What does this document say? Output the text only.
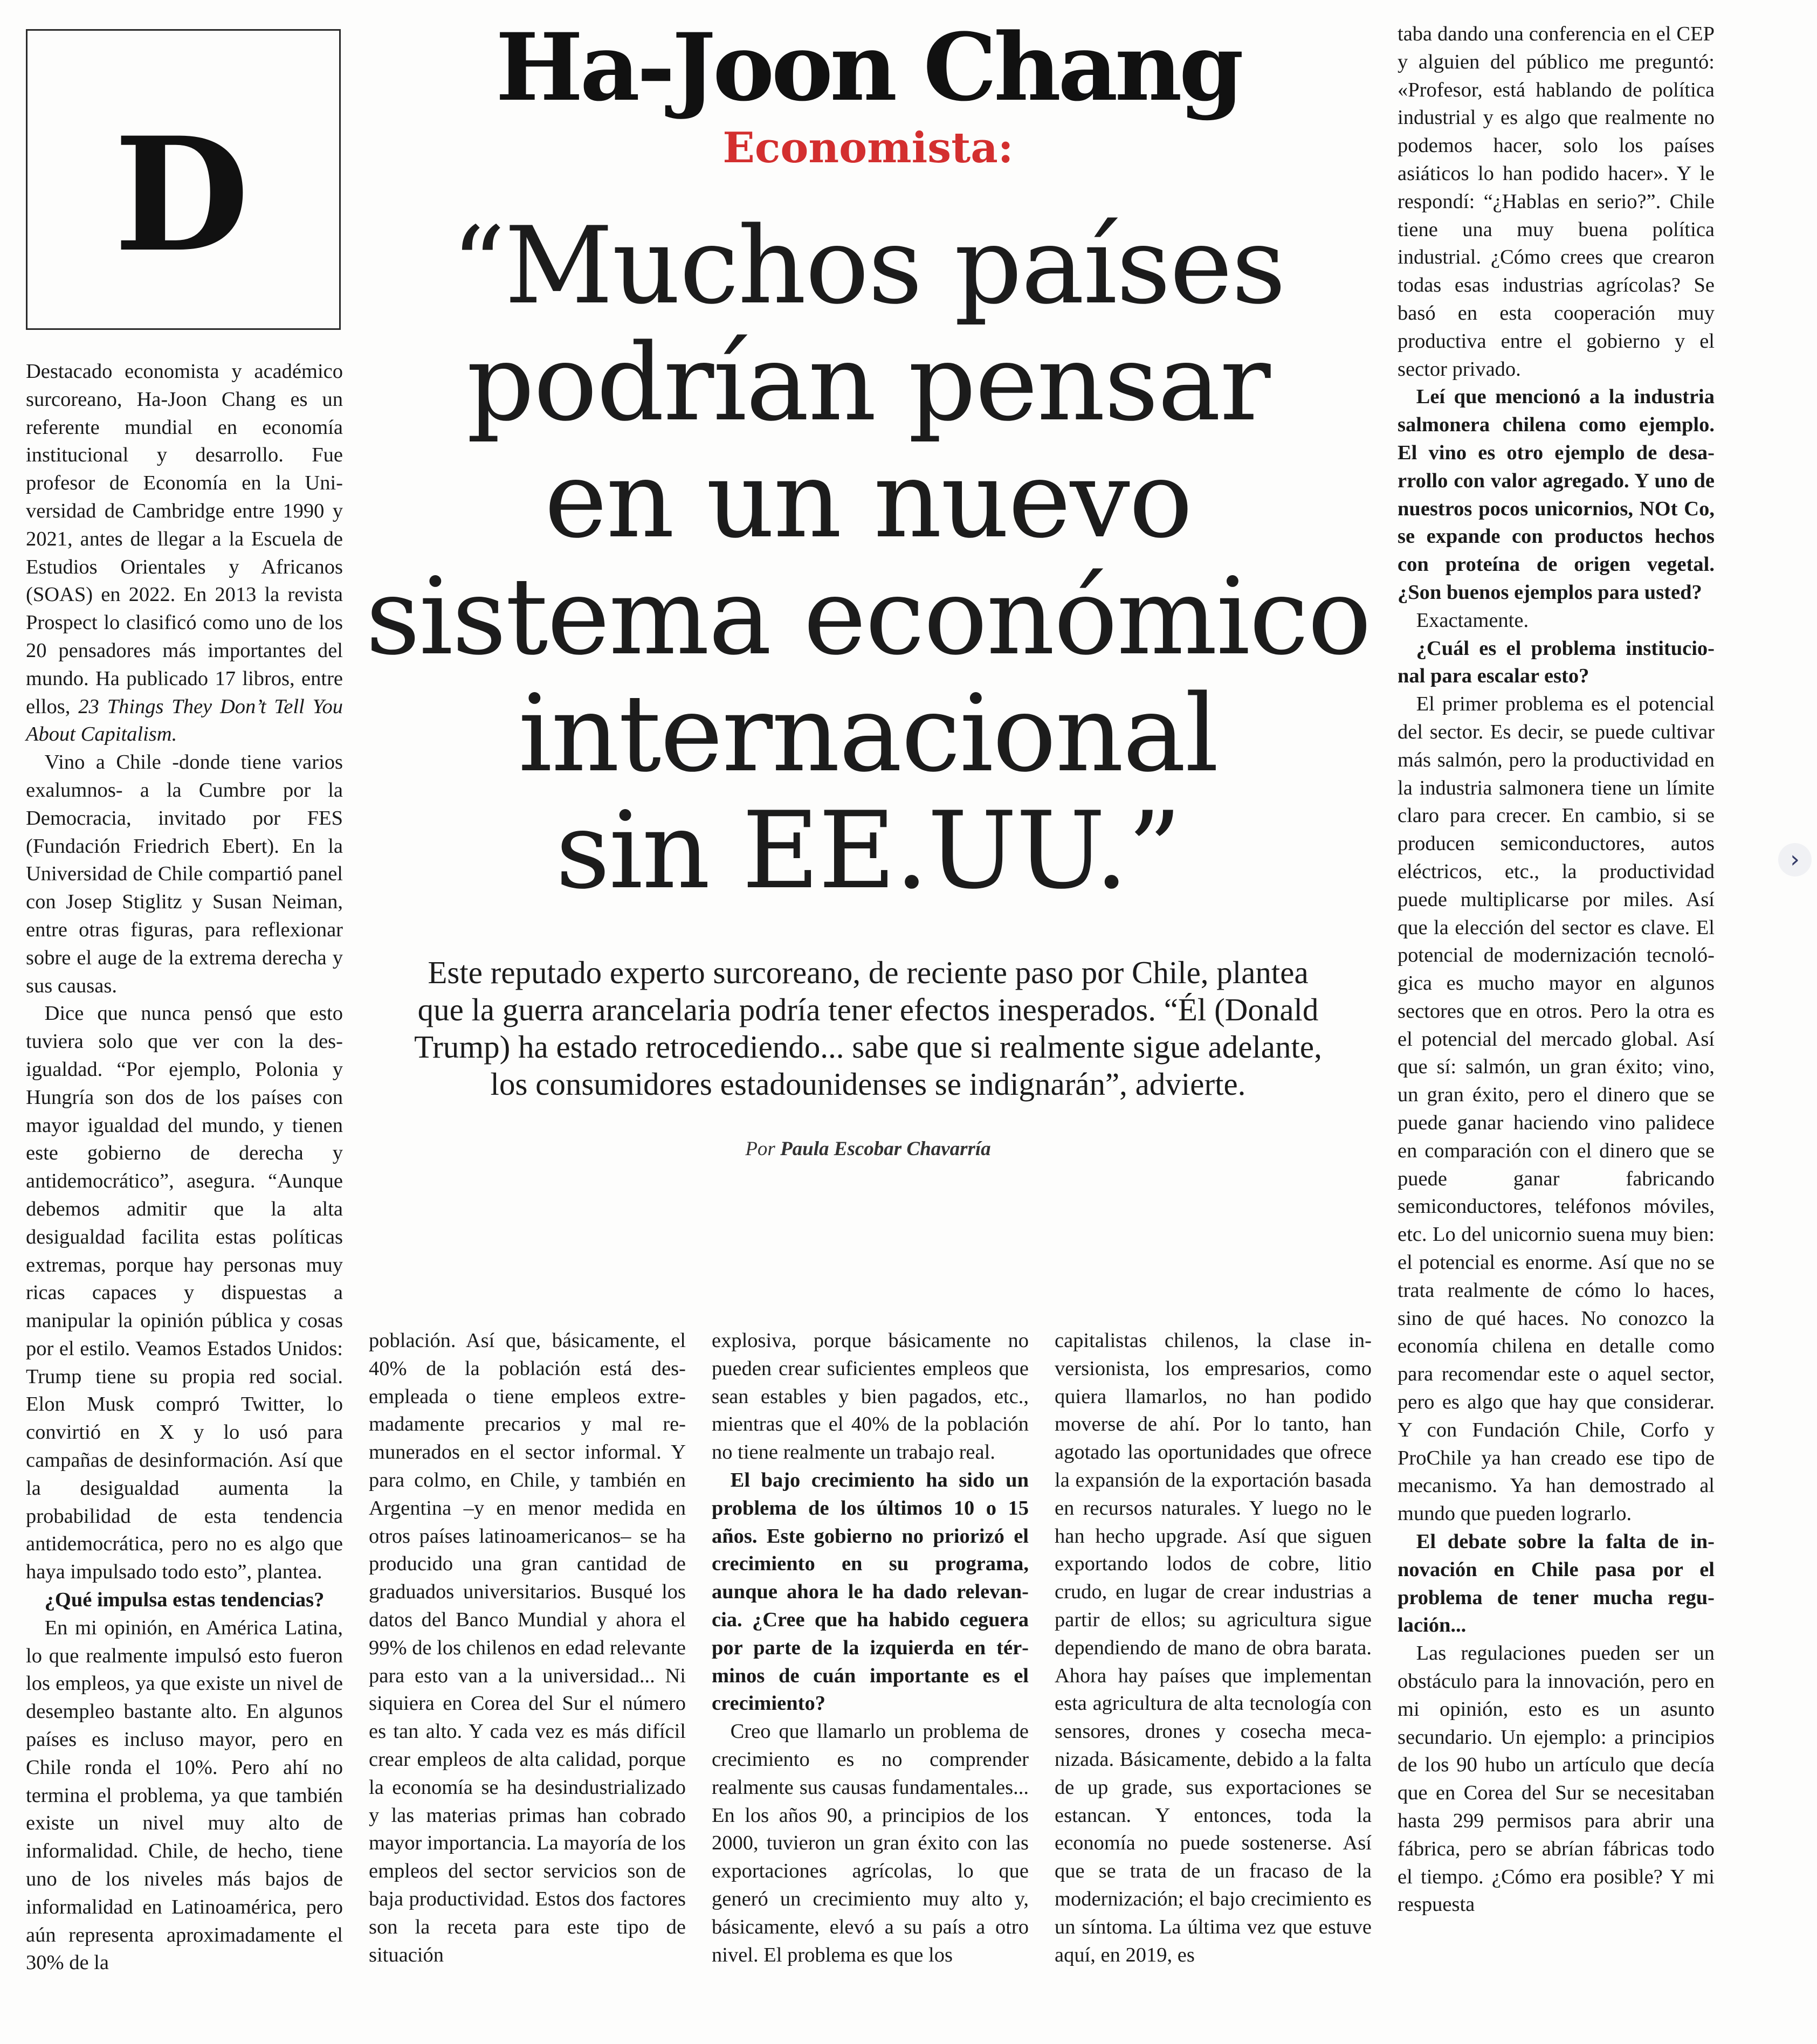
D
Ha-Joon Chang
Economista:
“Muchos países
podrían pensar
en un nuevo
sistema económico
internacional
sin EE.UU.”
Este reputado experto surcoreano, de reciente paso por Chile, plantea
que la guerra arancelaria podría tener efectos inesperados. “Él (Donald
Trump) ha estado retrocediendo... sabe que si realmente sigue adelante,
los consumidores estadounidenses se indignarán”, advierte.
Por Paula Escobar Chavarría

Destacado economista y académico surcoreano, Ha-Joon Chang es un referente mundial en economía institucional y desarrollo. Fue profesor de Economía en la Universidad de Cambridge entre 1990 y 2021, antes de llegar a la Escuela de Estudios Orientales y Africanos (SOAS) en 2022. En 2013 la revista Prospect lo clasificó como uno de los 20 pensadores más importantes del mundo. Ha publicado 17 libros, entre ellos, 23 Things They Don’t Tell You About Capitalism.

Vino a Chile -donde tiene varios exalumnos- a la Cumbre por la Democracia, invitado por FES (Fundación Friedrich Ebert). En la Universidad de Chile compartió panel con Josep Stiglitz y Susan Neiman, entre otras figuras, para reflexionar sobre el auge de la extrema derecha y sus causas.

Dice que nunca pensó que esto tuviera solo que ver con la desigualdad. “Por ejemplo, Polonia y Hungría son dos de los países con mayor igualdad del mundo, y tienen este gobierno de derecha y antidemocrático”, asegura. “Aunque debemos admitir que la alta desigualdad facilita estas políticas extremas, porque hay personas muy ricas capaces y dispuestas a manipular la opinión pública y cosas por el estilo. Veamos Estados Unidos: Trump tiene su propia red social. Elon Musk compró Twitter, lo convirtió en X y lo usó para campañas de desinformación. Así que la desigualdad aumenta la probabilidad de esta tendencia antidemocrática, pero no es algo que haya impulsado todo esto”, plantea.

¿Qué impulsa estas tendencias?

En mi opinión, en América Latina, lo que realmente impulsó esto fueron los empleos, ya que existe un nivel de desempleo bastante alto. En algunos países es incluso mayor, pero en Chile ronda el 10%. Pero ahí no termina el problema, ya que también existe un nivel muy alto de informalidad. Chile, de hecho, tiene uno de los niveles más bajos de informalidad en Latinoamérica, pero aún representa aproximadamente el 30% de la

población. Así que, básicamente, el 40% de la población está desempleada o tiene empleos extremadamente precarios y mal remunerados en el sector informal. Y para colmo, en Chile, y también en Argentina –y en menor medida en otros países latinoamericanos– se ha producido una gran cantidad de graduados universitarios. Busqué los datos del Banco Mundial y ahora el 99% de los chilenos en edad relevante para esto van a la universidad... Ni siquiera en Corea del Sur el número es tan alto. Y cada vez es más difícil crear empleos de alta calidad, porque la economía se ha desindustrializado y las materias primas han cobrado mayor importancia. La mayoría de los empleos del sector servicios son de baja productividad. Estos dos factores son la receta para este tipo de situación

explosiva, porque básicamente no pueden crear suficientes empleos que sean estables y bien pagados, etc., mientras que el 40% de la población no tiene realmente un trabajo real.

El bajo crecimiento ha sido un problema de los últimos 10 o 15 años. Este gobierno no priorizó el crecimiento en su programa, aunque ahora le ha dado relevancia. ¿Cree que ha habido ceguera por parte de la izquierda en términos de cuán importante es el crecimiento?

Creo que llamarlo un problema de crecimiento es no comprender realmente sus causas fundamentales... En los años 90, a principios de los 2000, tuvieron un gran éxito con las exportaciones agrícolas, lo que generó un crecimiento muy alto y, básicamente, elevó a su país a otro nivel. El problema es que los

capitalistas chilenos, la clase inversionista, los empresarios, como quiera llamarlos, no han podido moverse de ahí. Por lo tanto, han agotado las oportunidades que ofrece la expansión de la exportación basada en recursos naturales. Y luego no le han hecho upgrade. Así que siguen exportando lodos de cobre, litio crudo, en lugar de crear industrias a partir de ellos; su agricultura sigue dependiendo de mano de obra barata. Ahora hay países que implementan esta agricultura de alta tecnología con sensores, drones y cosecha mecanizada. Básicamente, debido a la falta de up grade, sus exportaciones se estancan. Y entonces, toda la economía no puede sostenerse. Así que se trata de un fracaso de la modernización; el bajo crecimiento es un síntoma. La última vez que estuve aquí, en 2019, es

taba dando una conferencia en el CEP y alguien del público me preguntó: «Profesor, está hablando de política industrial y es algo que realmente no podemos hacer, solo los países asiáticos lo han podido hacer». Y le respondí: “¿Hablas en serio?”. Chile tiene una muy buena política industrial. ¿Cómo crees que crearon todas esas industrias agrícolas? Se basó en esta cooperación muy productiva entre el gobierno y el sector privado.

Leí que mencionó a la industria salmonera chilena como ejemplo. El vino es otro ejemplo de desarrollo con valor agregado. Y uno de nuestros pocos unicornios, NOt Co, se expande con productos hechos con proteína de origen vegetal. ¿Son buenos ejemplos para usted?

Exactamente.

¿Cuál es el problema institucional para escalar esto?

El primer problema es el potencial del sector. Es decir, se puede cultivar más salmón, pero la productividad en la industria salmonera tiene un límite claro para crecer. En cambio, si se producen semiconductores, autos eléctricos, etc., la productividad puede multiplicarse por miles. Así que la elección del sector es clave. El potencial de modernización tecnológica es mucho mayor en algunos sectores que en otros. Pero la otra es el potencial del mercado global. Así que sí: salmón, un gran éxito; vino, un gran éxito, pero el dinero que se puede ganar haciendo vino palidece en comparación con el dinero que se puede ganar fabricando semiconductores, teléfonos móviles, etc. Lo del unicornio suena muy bien: el potencial es enorme. Así que no se trata realmente de cómo lo haces, sino de qué haces. No conozco la economía chilena en detalle como para recomendar este o aquel sector, pero es algo que hay que considerar. Y con Fundación Chile, Corfo y ProChile ya han creado ese tipo de mecanismo. Ya han demostrado al mundo que pueden lograrlo.

El debate sobre la falta de innovación en Chile pasa por el problema de tener mucha regulación...

Las regulaciones pueden ser un obstáculo para la innovación, pero en mi opinión, esto es un asunto secundario. Un ejemplo: a principios de los 90 hubo un artículo que decía que en Corea del Sur se necesitaban hasta 299 permisos para abrir una fábrica, pero se abrían fábricas todo el tiempo. ¿Cómo era posible? Y mi respuesta

›
